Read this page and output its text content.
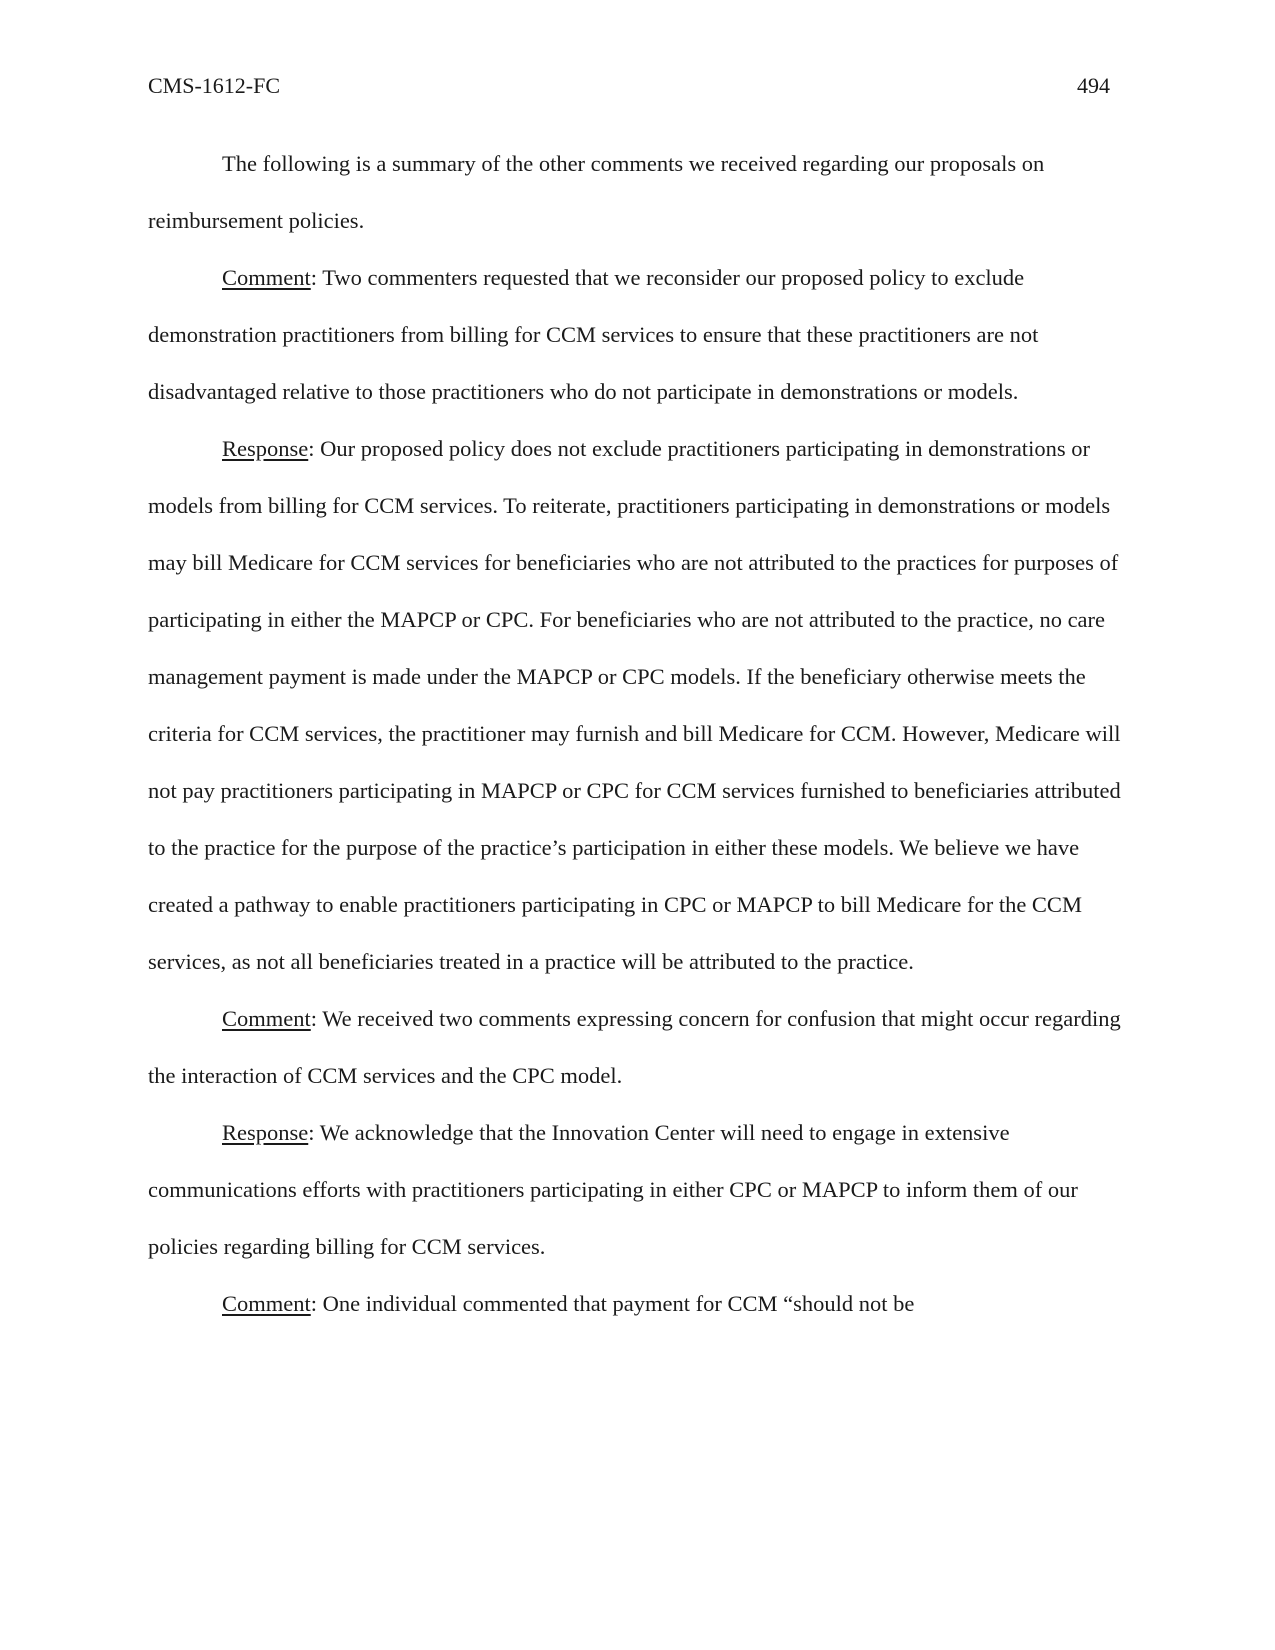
CMS-1612-FC	494

The following is a summary of the other comments we received regarding our proposals on reimbursement policies.

Comment: Two commenters requested that we reconsider our proposed policy to exclude demonstration practitioners from billing for CCM services to ensure that these practitioners are not disadvantaged relative to those practitioners who do not participate in demonstrations or models.

Response: Our proposed policy does not exclude practitioners participating in demonstrations or models from billing for CCM services. To reiterate, practitioners participating in demonstrations or models may bill Medicare for CCM services for beneficiaries who are not attributed to the practices for purposes of participating in either the MAPCP or CPC. For beneficiaries who are not attributed to the practice, no care management payment is made under the MAPCP or CPC models. If the beneficiary otherwise meets the criteria for CCM services, the practitioner may furnish and bill Medicare for CCM. However, Medicare will not pay practitioners participating in MAPCP or CPC for CCM services furnished to beneficiaries attributed to the practice for the purpose of the practice’s participation in either these models. We believe we have created a pathway to enable practitioners participating in CPC or MAPCP to bill Medicare for the CCM services, as not all beneficiaries treated in a practice will be attributed to the practice.

Comment: We received two comments expressing concern for confusion that might occur regarding the interaction of CCM services and the CPC model.

Response: We acknowledge that the Innovation Center will need to engage in extensive communications efforts with practitioners participating in either CPC or MAPCP to inform them of our policies regarding billing for CCM services.

Comment: One individual commented that payment for CCM “should not be
